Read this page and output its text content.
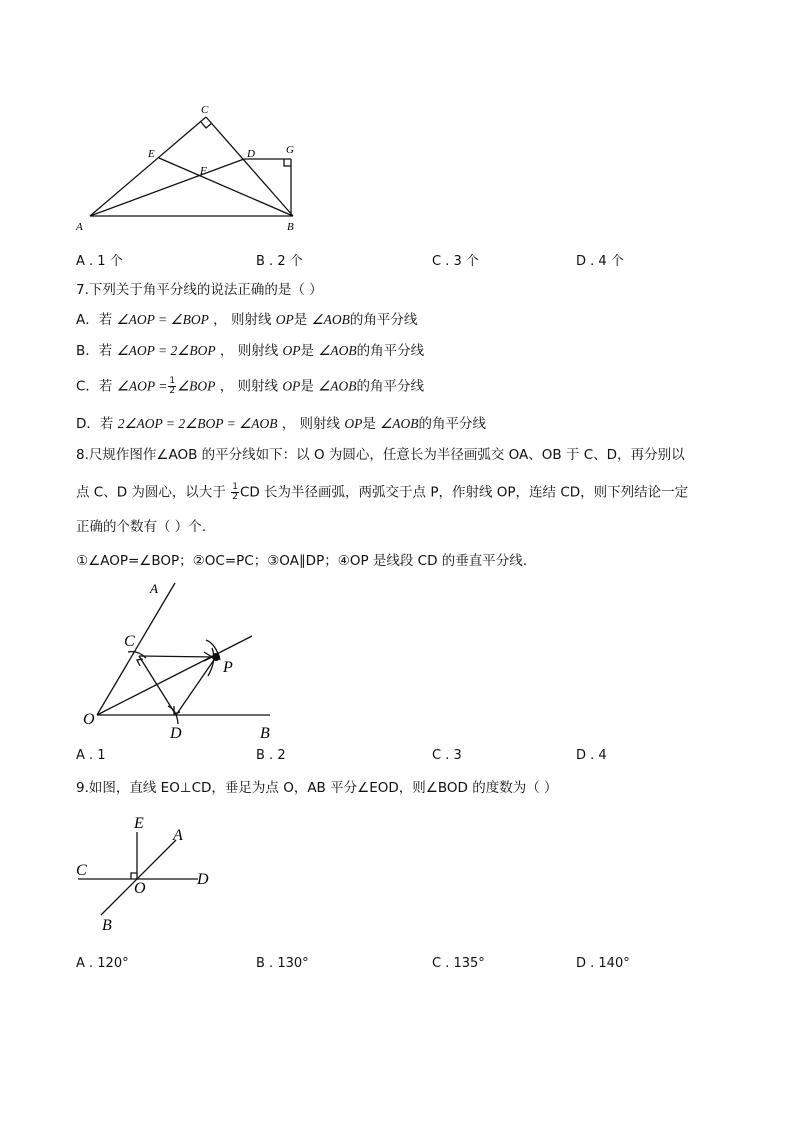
C
E	D	G
F
A	B
A . 1 个	B . 2 个	C . 3 个	D . 4 个
7.下列关于角平分线的说法正确的是（ ）
A．若 ∠AOP = ∠BOP ， 则射线 OP是 ∠AOB的角平分线
B．若 ∠AOP = 2∠BOP ， 则射线 OP是 ∠AOB的角平分线
C．若 ∠AOP = $\frac{1}{2}$ ∠BOP ， 则射线 OP是 ∠AOB的角平分线
D．若 2∠AOP = 2∠BOP = ∠AOB ， 则射线 OP是 ∠AOB的角平分线
8.尺规作图作∠AOB 的平分线如下：以 O 为圆心，任意长为半径画弧交 OA、OB 于 C、D，再分别以
点 C、D 为圆心，以大于 $\frac{1}{2}$ CD 长为半径画弧，两弧交于点 P，作射线 OP，连结 CD，则下列结论一定
正确的个数有（ ）个.
①∠AOP=∠BOP；②OC=PC；③OA∥DP；④OP 是线段 CD 的垂直平分线.
A
C
P
O
D	B
A . 1	B . 2	C . 3	D . 4
9.如图，直线 EO⊥CD，垂足为点 O，AB 平分∠EOD，则∠BOD 的度数为（ ）
E
A
C
D
O
B
A . 120°	B . 130°	C . 135°	D . 140°
